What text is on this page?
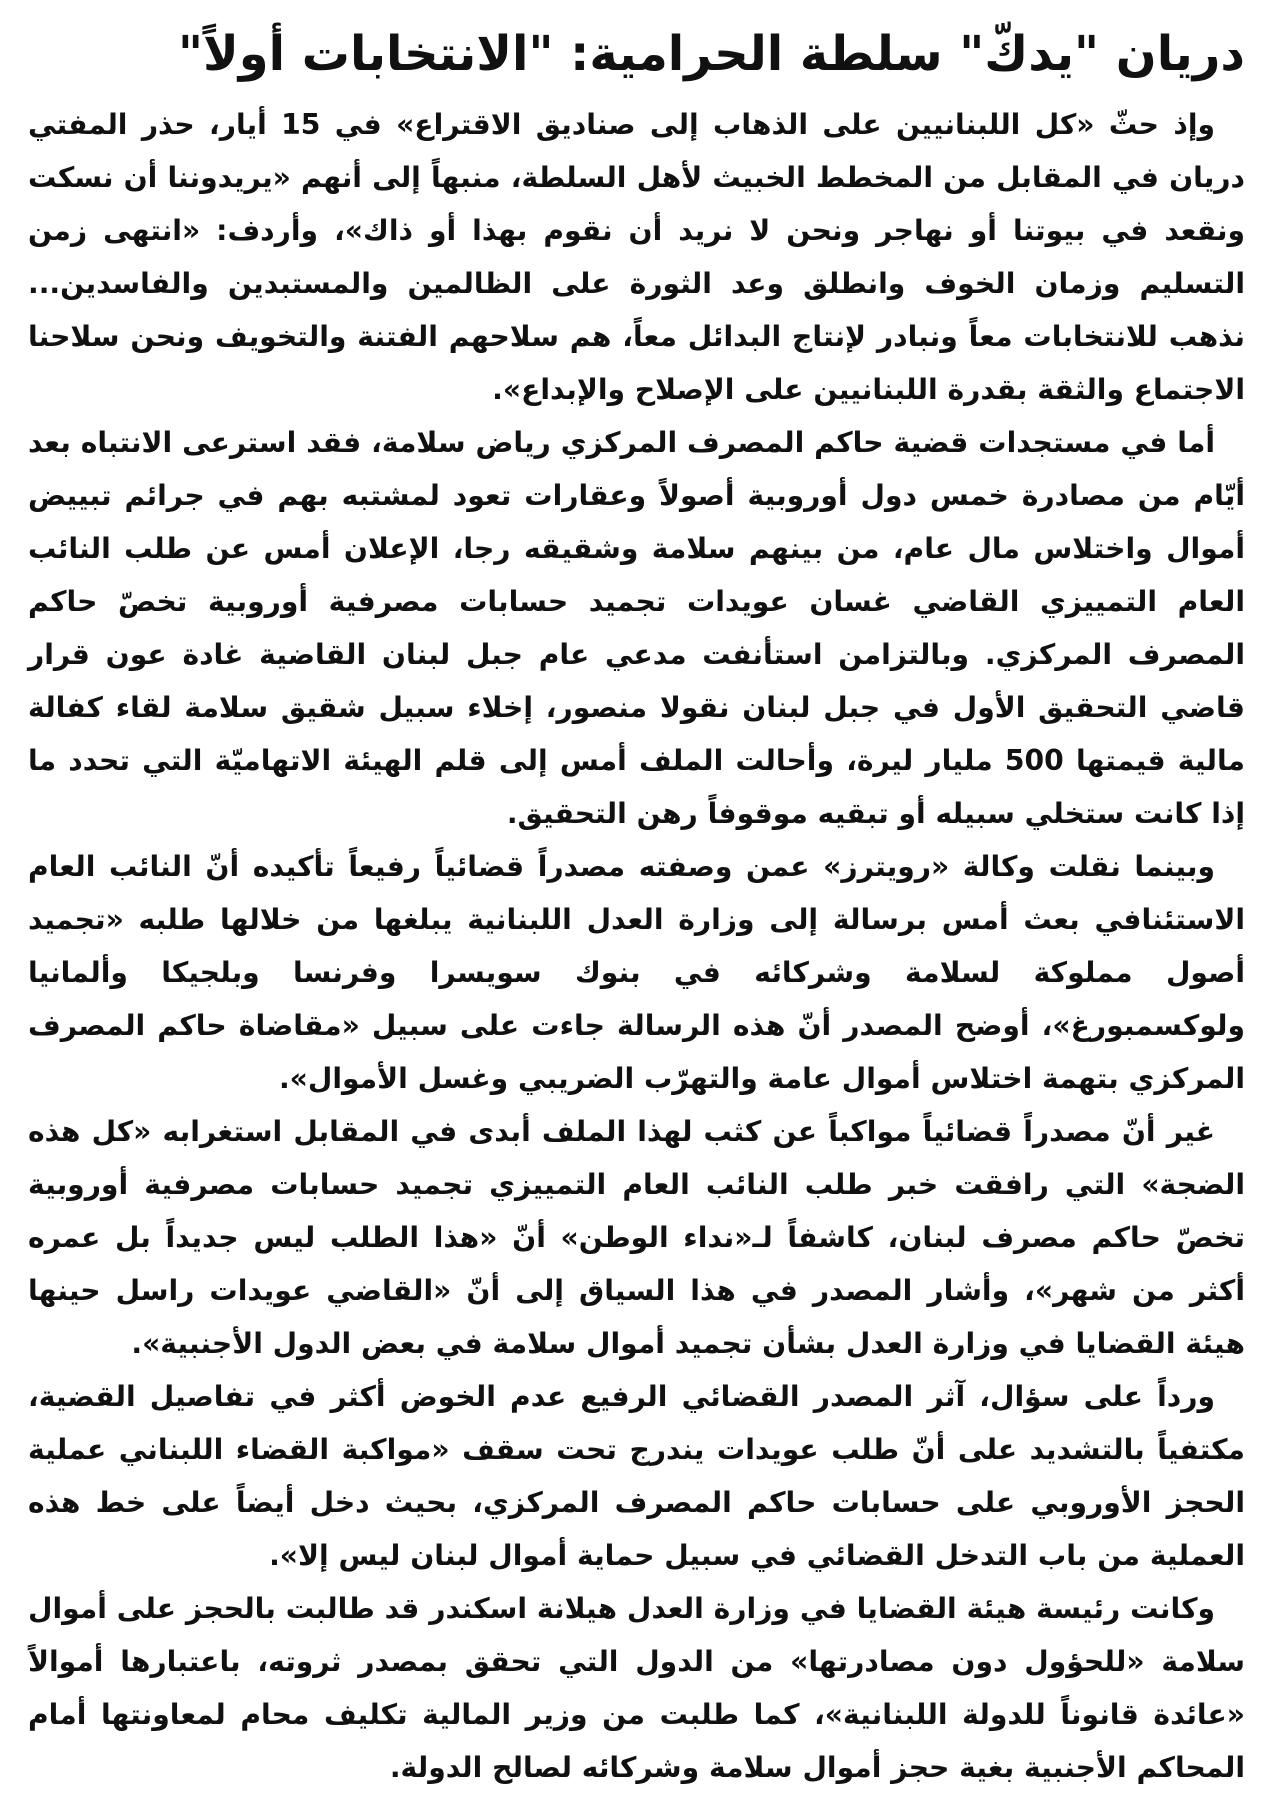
دريان "يدكّ" سلطة الحرامية: "الانتخابات أولاً"

وإذ حثّ «كل اللبنانيين على الذهاب إلى صناديق الاقتراع» في 15 أيار، حذر المفتي دريان في المقابل من المخطط الخبيث لأهل السلطة، منبهاً إلى أنهم «يريدوننا أن نسكت ونقعد في بيوتنا أو نهاجر ونحن لا نريد أن نقوم بهذا أو ذاك»، وأردف: «انتهى زمن التسليم وزمان الخوف وانطلق وعد الثورة على الظالمين والمستبدين والفاسدين... نذهب للانتخابات معاً ونبادر لإنتاج البدائل معاً، هم سلاحهم الفتنة والتخويف ونحن سلاحنا الاجتماع والثقة بقدرة اللبنانيين على الإصلاح والإبداع».

أما في مستجدات قضية حاكم المصرف المركزي رياض سلامة، فقد استرعى الانتباه بعد أيّام من مصادرة خمس دول أوروبية أصولاً وعقارات تعود لمشتبه بهم في جرائم تبييض أموال واختلاس مال عام، من بينهم سلامة وشقيقه رجا، الإعلان أمس عن طلب النائب العام التمييزي القاضي غسان عويدات تجميد حسابات مصرفية أوروبية تخصّ حاكم المصرف المركزي. وبالتزامن استأنفت مدعي عام جبل لبنان القاضية غادة عون قرار قاضي التحقيق الأول في جبل لبنان نقولا منصور، إخلاء سبيل شقيق سلامة لقاء كفالة مالية قيمتها 500 مليار ليرة، وأحالت الملف أمس إلى قلم الهيئة الاتهاميّة التي تحدد ما إذا كانت ستخلي سبيله أو تبقيه موقوفاً رهن التحقيق.

وبينما نقلت وكالة «رويترز» عمن وصفته مصدراً قضائياً رفيعاً تأكيده أنّ النائب العام الاستئنافي بعث أمس برسالة إلى وزارة العدل اللبنانية يبلغها من خلالها طلبه «تجميد أصول مملوكة لسلامة وشركائه في بنوك سويسرا وفرنسا وبلجيكا وألمانيا ولوكسمبورغ»، أوضح المصدر أنّ هذه الرسالة جاءت على سبيل «مقاضاة حاكم المصرف المركزي بتهمة اختلاس أموال عامة والتهرّب الضريبي وغسل الأموال».

غير أنّ مصدراً قضائياً مواكباً عن كثب لهذا الملف أبدى في المقابل استغرابه «كل هذه الضجة» التي رافقت خبر طلب النائب العام التمييزي تجميد حسابات مصرفية أوروبية تخصّ حاكم مصرف لبنان، كاشفاً لـ«نداء الوطن» أنّ «هذا الطلب ليس جديداً بل عمره أكثر من شهر»، وأشار المصدر في هذا السياق إلى أنّ «القاضي عويدات راسل حينها هيئة القضايا في وزارة العدل بشأن تجميد أموال سلامة في بعض الدول الأجنبية».

ورداً على سؤال، آثر المصدر القضائي الرفيع عدم الخوض أكثر في تفاصيل القضية، مكتفياً بالتشديد على أنّ طلب عويدات يندرج تحت سقف «مواكبة القضاء اللبناني عملية الحجز الأوروبي على حسابات حاكم المصرف المركزي، بحيث دخل أيضاً على خط هذه العملية من باب التدخل القضائي في سبيل حماية أموال لبنان ليس إلا».

وكانت رئيسة هيئة القضايا في وزارة العدل هيلانة اسكندر قد طالبت بالحجز على أموال سلامة «للحؤول دون مصادرتها» من الدول التي تحقق بمصدر ثروته، باعتبارها أموالاً «عائدة قانوناً للدولة اللبنانية»، كما طلبت من وزير المالية تكليف محام لمعاونتها أمام المحاكم الأجنبية بغية حجز أموال سلامة وشركائه لصالح الدولة.
